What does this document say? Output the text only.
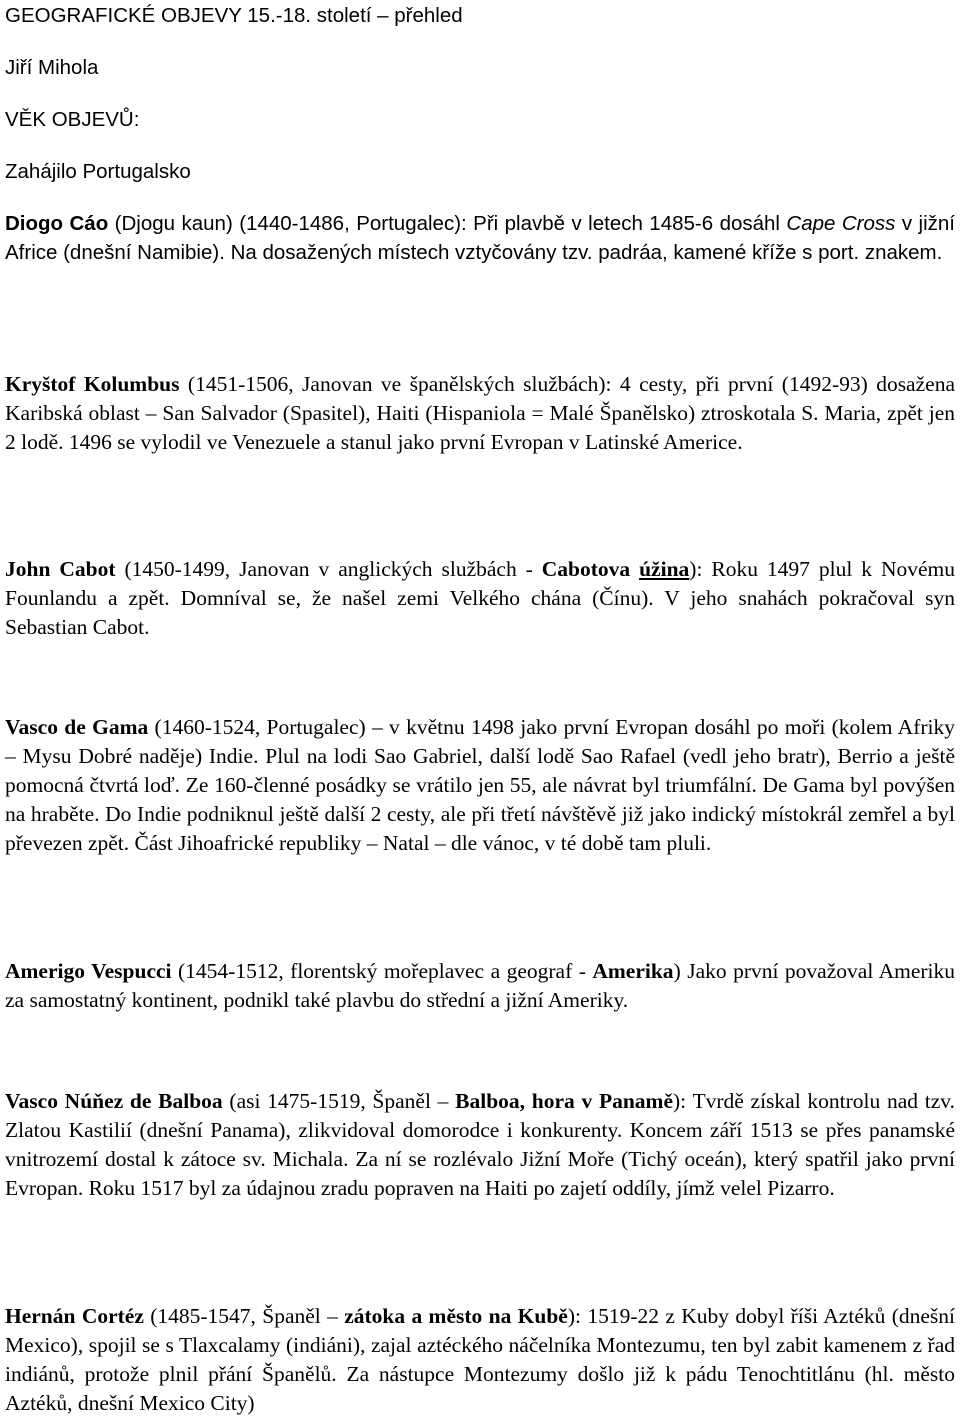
GEOGRAFICKÉ OBJEVY 15.-18. století – přehled
Jiří Mihola
VĚK OBJEVŮ:
Zahájilo Portugalsko
Diogo Cáo (Djogu kaun) (1440-1486, Portugalec): Při plavbě v letech 1485-6 dosáhl Cape Cross v jižní Africe (dnešní Namibie). Na dosažených místech vztyčovány tzv. padráa, kamené kříže s port. znakem.
Kryštof Kolumbus (1451-1506, Janovan ve španělských službách): 4 cesty, při první (1492-93) dosažena Karibská oblast – San Salvador (Spasitel), Haiti (Hispaniola = Malé Španělsko) ztroskotala S. Maria, zpět jen 2 lodě. 1496 se vylodil ve Venezuele a stanul jako první Evropan v Latinské Americe.
John Cabot (1450-1499, Janovan v anglických službách - Cabotova úžina): Roku 1497 plul k Novému Founlandu a zpět. Domníval se, že našel zemi Velkého chána (Čínu). V jeho snahách pokračoval syn Sebastian Cabot.
Vasco de Gama (1460-1524, Portugalec) – v květnu 1498 jako první Evropan dosáhl po moři (kolem Afriky – Mysu Dobré naděje) Indie. Plul na lodi Sao Gabriel, další lodě Sao Rafael (vedl jeho bratr), Berrio a ještě pomocná čtvrtá loď. Ze 160-členné posádky se vrátilo jen 55, ale návrat byl triumfální. De Gama byl povýšen na hraběte. Do Indie podniknul ještě další 2 cesty, ale při třetí návštěvě již jako indický místokrál zemřel a byl převezen zpět. Část Jihoafrické republiky – Natal – dle vánoc, v té době tam pluli.
Amerigo Vespucci (1454-1512, florentský mořeplavec a geograf - Amerika) Jako první považoval Ameriku za samostatný kontinent, podnikl také plavbu do střední a jižní Ameriky.
Vasco Núňez de Balboa (asi 1475-1519, Španěl – Balboa, hora v Panamě): Tvrdě získal kontrolu nad tzv. Zlatou Kastilií (dnešní Panama), zlikvidoval domorodce i konkurenty. Koncem září 1513 se přes panamské vnitrozemí dostal k zátoce sv. Michala. Za ní se rozlévalo Jižní Moře (Tichý oceán), který spatřil jako první Evropan. Roku 1517 byl za údajnou zradu popraven na Haiti po zajetí oddíly, jímž velel Pizarro.
Hernán Cortéz (1485-1547, Španěl – zátoka a město na Kubě): 1519-22 z Kuby dobyl říši Aztéků (dnešní Mexico), spojil se s Tlaxcalamy (indiáni), zajal aztéckého náčelníka Montezumu, ten byl zabit kamenem z řad indiánů, protože plnil přání Španělů. Za nástupce Montezumy došlo již k pádu Tenochtitlánu (hl. město Aztéků, dnešní Mexico City)
